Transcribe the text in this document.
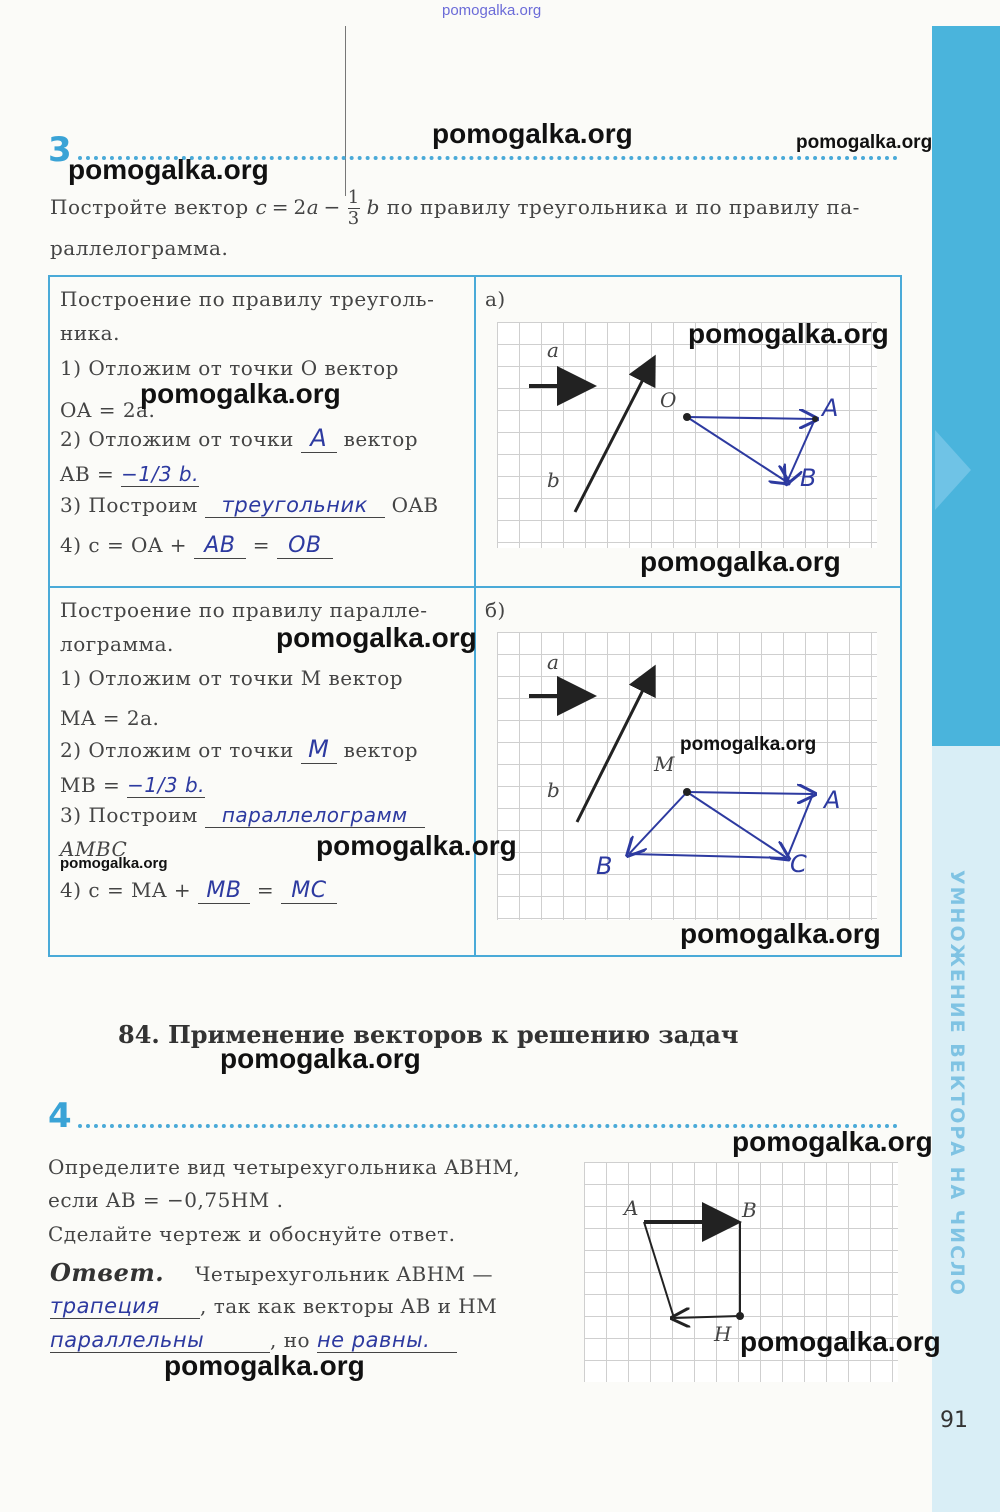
УМНОЖЕНИЕ ВЕКТОРА НА ЧИСЛО
pomogalka.org
3
Постройте вектор $c = 2a - \frac{1}{3}$ b по правилу треугольника и по правилу па-
раллелограмма.
Построение по правилу треуголь-
ника.
1) Отложим от точки O вектор
OA = 2a.
2) Отложим от точки A вектор
AB = −1/3 b.
3) Построим треугольник OAB
4) c = OA + AB = OB
а)
a
b
O	A
B
Построение по правилу паралле-
лограмма.
1) Отложим от точки M вектор
MA = 2a.
2) Отложим от точки M вектор
MB = −1/3 b.
3) Построим параллелограмм
AMBC
4) c = MA + MB = MC
б)
a
b
M
A
B	C
84. Применение векторов к решению задач
4
Определите вид четырехугольника ABHM,
если AB = −0,75HM .
Сделайте чертеж и обоснуйте ответ.
Ответ. Четырехугольник ABHM —
трапеция , так как векторы AB и HM
параллельны	, но не равны.
A	B
H
91
pomogalka.org	pomogalka.org
pomogalka.org
pomogalka.org
pomogalka.org
pomogalka.org
pomogalka.org
pomogalka.org
pomogalka.org
pomogalka.org
pomogalka.org
pomogalka.org
pomogalka.org
pomogalka.org
pomogalka.org
